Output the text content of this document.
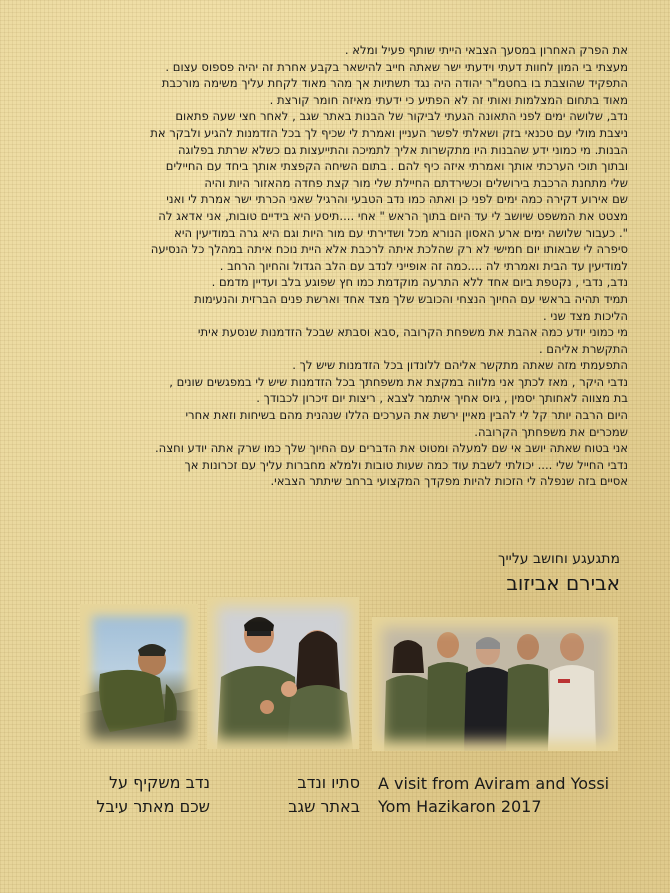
את הפרק האחרון במסעך הצבאי הייתי שותף פעיל ומלא .

מעצתי בי המון לחוות דעתי וידעתי ישר שאתה חייב להישאר בקבע אחרת זה יהיה פספוס עצום .

התפקיד שהוצבת בו בחטמ"ר יהודה היה נגד תשתיות אך מהר מאוד לקחת עליך משימה מורכבת

מאוד בתחום המצלמות ואותי זה לא הפתיע כי ידעתי מאיזה חומר קורצת .

נדב, שלושה ימים לפני התאונה הגעתי לביקור של הבנות באתר שגב , לאחר חצי שעה פתאום

ניצבת מולי עם טכנאי בזק ושאלתי לפשר העניין ואמרת לי שכיף לך בכל הזדמנות להגיע ולבקר את

הבנות. מי כמוני ידע שהבנות היו מתקשרות אליך לתמיכה והתייעצות גם כשלא שרתת בפלוגה

ובתוך תוכי הערכתי אותך ואמרתי איזה כיף להם . בתום השיחה הקפצתי אותך ביחד עם החיילים

שלי מתחנת הרכבת בירושלים וכשירדתם החיילת שלי מור קצת פחדה מהאזור היות והיה

שם אירוע דקירה כמה ימים לפני כן ואתה כמו נדב הטבעי והרגיל שאני הכרתי ישר אמרת לי ואני

מצטט את המשפט שיושב לי עד היום בתוך הראש " אחי ....תיסע היא בידיים טובות, אני אדאג לה

". כעבור שלושה ימים ארע האסון הנורא מכל ושדירתי עם מור היות וגם היא גרה במודיעין היא

סיפרה לי שבאותו יום חמישי לא רק שהלכת איתה לרכבת אלא היית נוכח איתה במהלך כל הנסיעה

למודיעין עד הבית ואמרתי לה ....כמה זה אופייני לנדב עם הלב הגדול והחיוך הרחב .

נדב, נדבי , נקטפת ביום אחד ללא התרעה מוקדמת כמו חץ שפוגע בלב ועדיין מדמם .

תמיד תהיה בראשי עם החיוך הנצחי והכובש שלך מצד אחד וארשת פנים הברזית והנעימות

הליכות מצד שני .

מי כמוני יודע כמה אהבת את משפחת הקרובה ,סבא וסבתא שבכל הזדמנות שנסעת איתי

התקשרת אליהם .

התפעמתי מזה שאתה מתקשר אליהם ללונדון בכל הזדמנות שיש לך .

נדבי היקר , מאז לכתך אני מלווה במקצת את משפחתך בכל הזדמנות שיש לי במפגשים שונים ,

בת מצווה לאחותך יסמין , גיוס אחיך איתמר לצבא , ריצות יום זיכרון לכבודך .

היום הרבה יותר קל לי להבין מאיין ירשת את הערכים הללו שנהנית מהם בשיחות וזאת אחרי

שמכרים את משפחתך הקרובה.

אני בטוח שאתה יושב אי שם למעלה ומטוט את הדברים עם החיוך שלך כמו שרק אתה יודע וחצה.

נדבי החייל שלי .... יכולתי לשבת עוד כמה שעות טובות ולמלא מחברות עליך עם זכרונות אך

אסיים בזה שנפלה לי הזכות להיות מפקדך המקצועי ברחב שיתתר הצבאי.

מתגעגע וחושב עלייך
אבירם אביזוב
נדב משקיף על
שכם מאתר עיבל
סתיו ונדב
באתר שגב
A visit from Aviram and Yossi
Yom Hazikaron 2017
